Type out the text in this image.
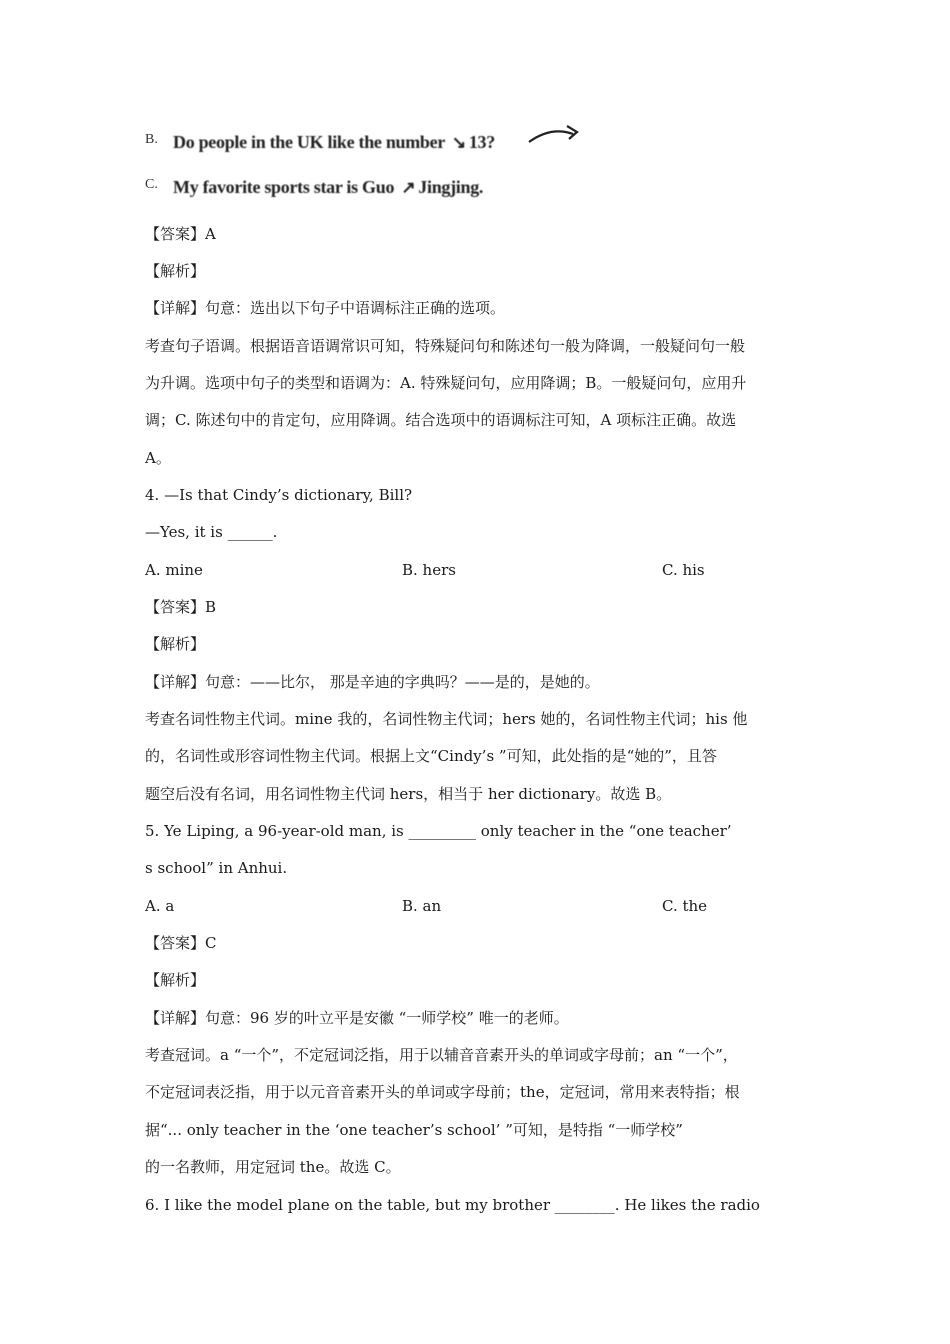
B. Do people in the UK like the number ↘ 13?
C. My favorite sports star is Guo ↗ Jingjing.
【答案】A
【解析】
【详解】句意：选出以下句子中语调标注正确的选项。
考查句子语调。根据语音语调常识可知，特殊疑问句和陈述句一般为降调，一般疑问句一般
为升调。选项中句子的类型和语调为：A. 特殊疑问句，应用降调；B。一般疑问句，应用升
调；C. 陈述句中的肯定句，应用降调。结合选项中的语调标注可知，A 项标注正确。故选
A。
4. —Is that Cindy’s dictionary, Bill?
—Yes, it is ______.
A. mine	B. hers	C. his
【答案】B
【解析】
【详解】句意：——比尔， 那是辛迪的字典吗？——是的，是她的。
考查名词性物主代词。mine 我的，名词性物主代词；hers 她的，名词性物主代词；his 他
的，名词性或形容词性物主代词。根据上文“Cindy’s ”可知，此处指的是“她的”，且答
题空后没有名词，用名词性物主代词 hers，相当于 her dictionary。故选 B。
5. Ye Liping, a 96-year-old man, is _________ only teacher in the “one teacher’
s school” in Anhui.
A. a	B. an	C. the
【答案】C
【解析】
【详解】句意：96 岁的叶立平是安徽 “一师学校” 唯一的老师。
考查冠词。a “一个”，不定冠词泛指，用于以辅音音素开头的单词或字母前；an “一个”，
不定冠词表泛指，用于以元音音素开头的单词或字母前；the，定冠词，常用来表特指；根
据“... only teacher in the ‘one teacher’s school’ ”可知，是特指 “一师学校”
的一名教师，用定冠词 the。故选 C。
6. I like the model plane on the table, but my brother ________. He likes the radio
